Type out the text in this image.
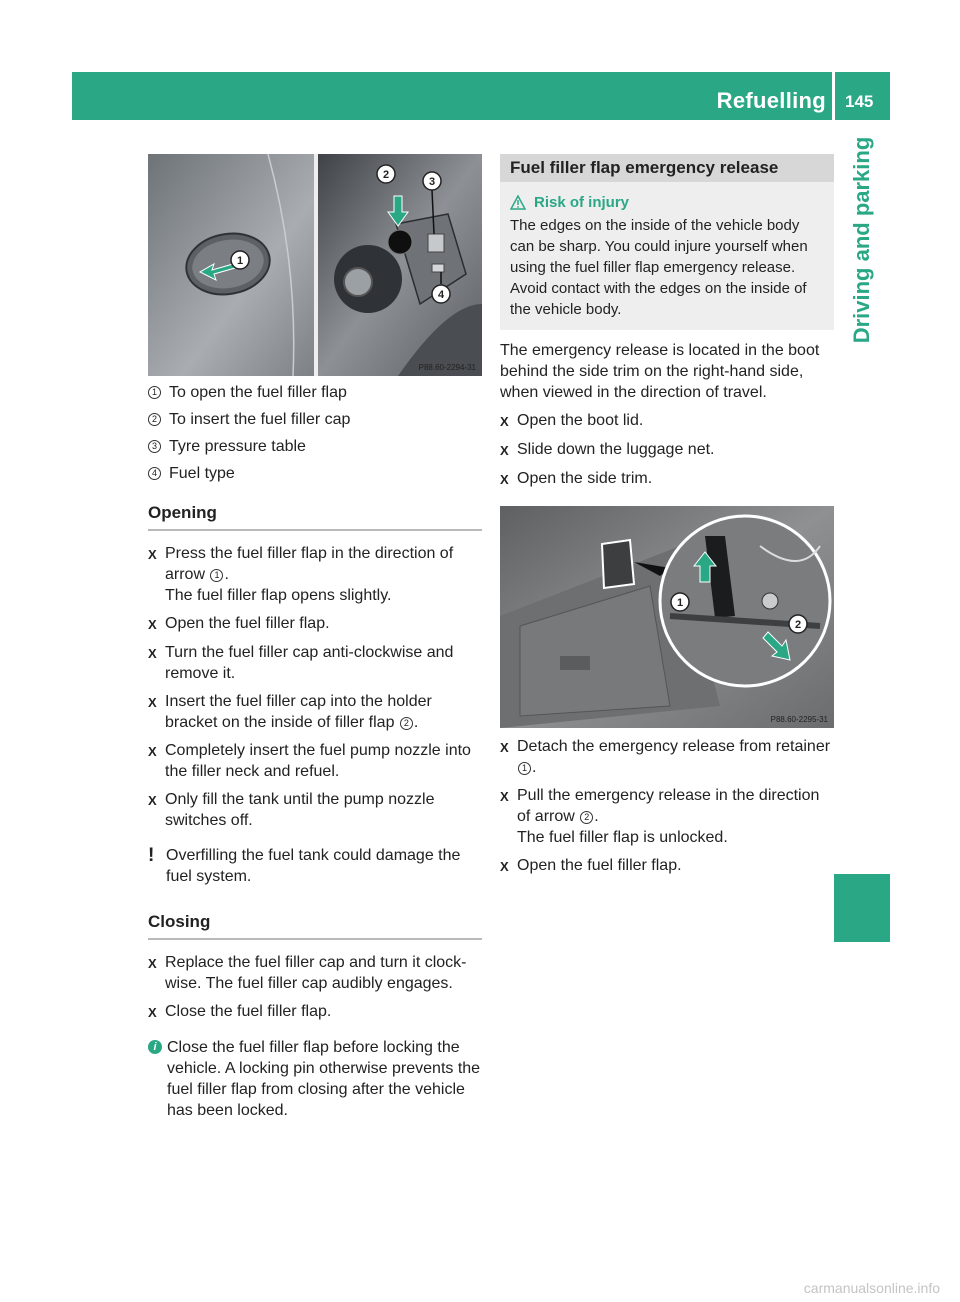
Refuelling 145
Driving and parking
1
2
3
4
P88.60-2294-31
1 To open the fuel filler flap
2 To insert the fuel filler cap
3 Tyre pressure table
4 Fuel type
Opening
X Press the fuel filler flap in the direction of arrow 1 .
The fuel filler flap opens slightly.
X Open the fuel filler flap.
X Turn the fuel filler cap anti-clockwise and remove it.
X Insert the fuel filler cap into the holder bracket on the inside of filler flap 2 .
X Completely insert the fuel pump nozzle into the filler neck and refuel.
X Only fill the tank until the pump nozzle switches off.
! Overfilling the fuel tank could damage the fuel system.
Closing
X Replace the fuel filler cap and turn it clock-wise. The fuel filler cap audibly engages.
X Close the fuel filler flap.
i Close the fuel filler flap before locking the vehicle. A locking pin otherwise prevents the fuel filler flap from closing after the vehicle has been locked.
Fuel filler flap emergency release
Risk of injury
The edges on the inside of the vehicle body can be sharp. You could injure yourself when using the fuel filler flap emergency release. Avoid contact with the edges on the inside of the vehicle body.
The emergency release is located in the boot behind the side trim on the right-hand side, when viewed in the direction of travel.
X Open the boot lid.
X Slide down the luggage net.
X Open the side trim.
1
2
P88.60-2295-31
X Detach the emergency release from retainer 1 .
X Pull the emergency release in the direction of arrow 2 .
The fuel filler flap is unlocked.
X Open the fuel filler flap.
carmanualsonline.info
